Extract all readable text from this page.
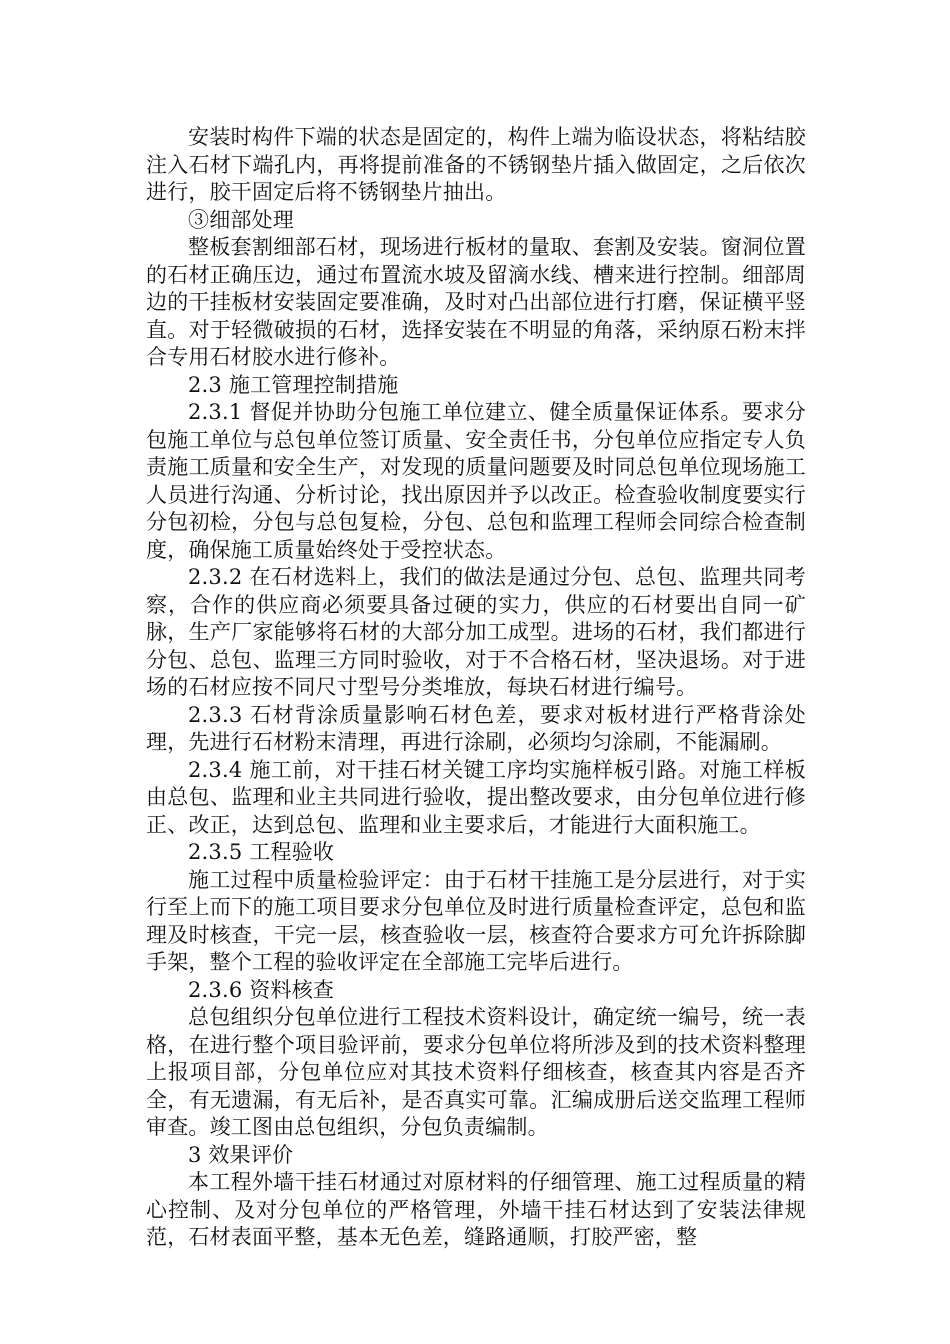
安装时构件下端的状态是固定的，构件上端为临设状态，将粘结胶注入石材下端孔内，再将提前准备的不锈钢垫片插入做固定，之后依次进行，胶干固定后将不锈钢垫片抽出。

③细部处理

整板套割细部石材，现场进行板材的量取、套割及安装。窗洞位置的石材正确压边，通过布置流水坡及留滴水线、槽来进行控制。细部周边的干挂板材安装固定要准确，及时对凸出部位进行打磨，保证横平竖直。对于轻微破损的石材，选择安装在不明显的角落，采纳原石粉末拌合专用石材胶水进行修补。

2.3 施工管理控制措施

2.3.1 督促并协助分包施工单位建立、健全质量保证体系。要求分包施工单位与总包单位签订质量、安全责任书，分包单位应指定专人负责施工质量和安全生产，对发现的质量问题要及时同总包单位现场施工人员进行沟通、分析讨论，找出原因并予以改正。检查验收制度要实行分包初检，分包与总包复检，分包、总包和监理工程师会同综合检查制度，确保施工质量始终处于受控状态。

2.3.2 在石材选料上，我们的做法是通过分包、总包、监理共同考察，合作的供应商必须要具备过硬的实力，供应的石材要出自同一矿脉，生产厂家能够将石材的大部分加工成型。进场的石材，我们都进行分包、总包、监理三方同时验收，对于不合格石材，坚决退场。对于进场的石材应按不同尺寸型号分类堆放，每块石材进行编号。

2.3.3 石材背涂质量影响石材色差，要求对板材进行严格背涂处理，先进行石材粉末清理，再进行涂刷，必须均匀涂刷，不能漏刷。

2.3.4 施工前，对干挂石材关键工序均实施样板引路。对施工样板由总包、监理和业主共同进行验收，提出整改要求，由分包单位进行修正、改正，达到总包、监理和业主要求后，才能进行大面积施工。

2.3.5 工程验收

施工过程中质量检验评定：由于石材干挂施工是分层进行，对于实行至上而下的施工项目要求分包单位及时进行质量检查评定，总包和监理及时核查，干完一层，核查验收一层，核查符合要求方可允许拆除脚手架，整个工程的验收评定在全部施工完毕后进行。

2.3.6 资料核查

总包组织分包单位进行工程技术资料设计，确定统一编号，统一表格，在进行整个项目验评前，要求分包单位将所涉及到的技术资料整理上报项目部，分包单位应对其技术资料仔细核查，核查其内容是否齐全，有无遗漏，有无后补，是否真实可靠。汇编成册后送交监理工程师审查。竣工图由总包组织，分包负责编制。

3 效果评价

本工程外墙干挂石材通过对原材料的仔细管理、施工过程质量的精心控制、及对分包单位的严格管理，外墙干挂石材达到了安装法律规范，石材表面平整，基本无色差，缝路通顺，打胶严密，整
